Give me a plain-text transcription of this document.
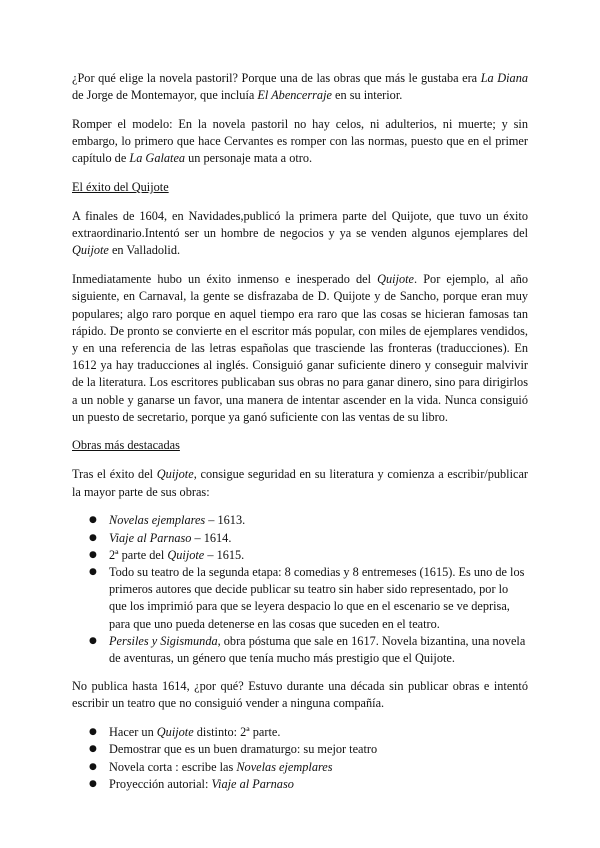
¿Por qué elige la novela pastoril? Porque una de las obras que más le gustaba era La Diana de Jorge de Montemayor, que incluía El Abencerraje en su interior.

Romper el modelo: En la novela pastoril no hay celos, ni adulterios, ni muerte; y sin embargo, lo primero que hace Cervantes es romper con las normas, puesto que en el primer capítulo de La Galatea un personaje mata a otro.

El éxito del Quijote

A finales de 1604, en Navidades,publicó la primera parte del Quijote, que tuvo un éxito extraordinario.Intentó ser un hombre de negocios y ya se venden algunos ejemplares del Quijote en Valladolid.

Inmediatamente hubo un éxito inmenso e inesperado del Quijote. Por ejemplo, al año siguiente, en Carnaval, la gente se disfrazaba de D. Quijote y de Sancho, porque eran muy populares; algo raro porque en aquel tiempo era raro que las cosas se hicieran famosas tan rápido. De pronto se convierte en el escritor más popular, con miles de ejemplares vendidos, y en una referencia de las letras españolas que trasciende las fronteras (traducciones). En 1612 ya hay traducciones al inglés. Consiguió ganar suficiente dinero y conseguir malvivir de la literatura. Los escritores publicaban sus obras no para ganar dinero, sino para dirigirlos a un noble y ganarse un favor, una manera de intentar ascender en la vida. Nunca consiguió un puesto de secretario, porque ya ganó suficiente con las ventas de su libro.

Obras más destacadas

Tras el éxito del Quijote, consigue seguridad en su literatura y comienza a escribir/publicar la mayor parte de sus obras:

● Novelas ejemplares – 1613.
● Viaje al Parnaso – 1614.
● 2ª parte del Quijote – 1615.
● Todo su teatro de la segunda etapa: 8 comedias y 8 entremeses (1615). Es uno de los primeros autores que decide publicar su teatro sin haber sido representado, por lo que los imprimió para que se leyera despacio lo que en el escenario se ve deprisa, para que uno pueda detenerse en las cosas que suceden en el teatro.
● Persiles y Sigismunda, obra póstuma que sale en 1617. Novela bizantina, una novela de aventuras, un género que tenía mucho más prestigio que el Quijote.

No publica hasta 1614, ¿por qué? Estuvo durante una década sin publicar obras e intentó escribir un teatro que no consiguió vender a ninguna compañía.

● Hacer un Quijote distinto: 2ª parte.
● Demostrar que es un buen dramaturgo: su mejor teatro
● Novela corta : escribe las Novelas ejemplares
● Proyección autorial: Viaje al Parnaso
